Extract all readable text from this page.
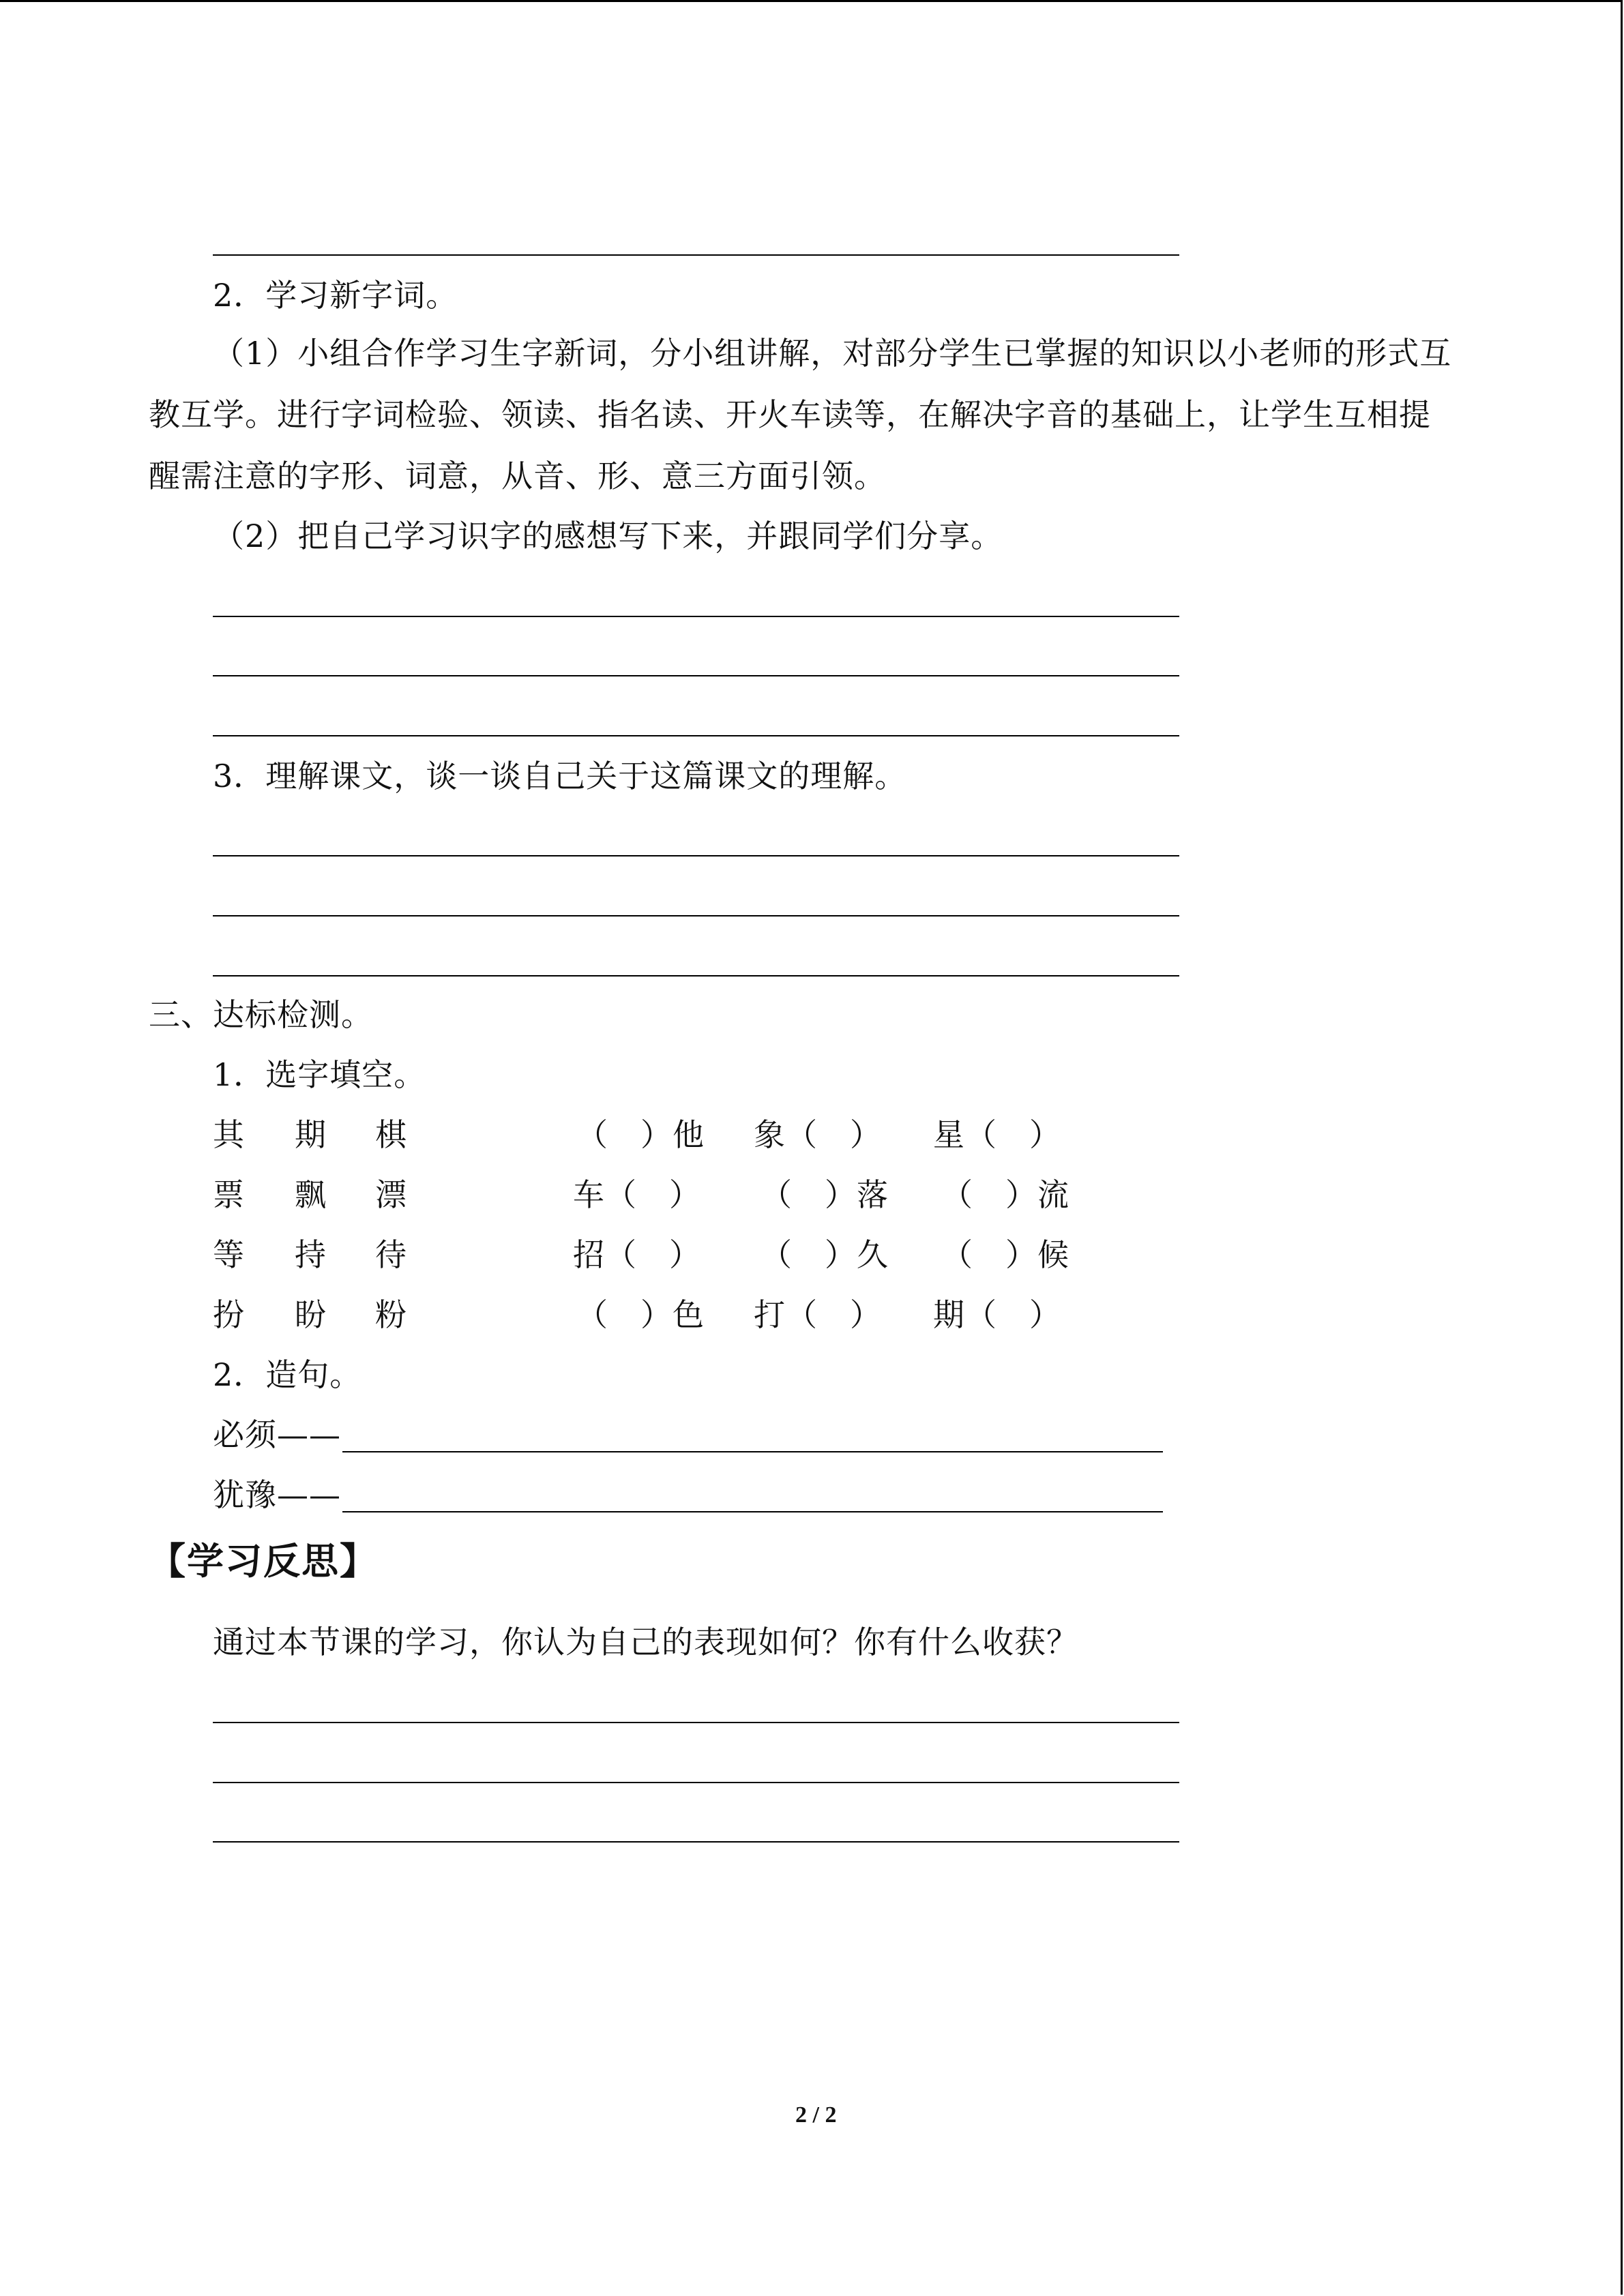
2．学习新字词。
（1）小组合作学习生字新词，分小组讲解，对部分学生已掌握的知识以小老师的形式互
教互学。进行字词检验、领读、指名读、开火车读等，在解决字音的基础上，让学生互相提
醒需注意的字形、词意，从音、形、意三方面引领。
（2）把自己学习识字的感想写下来，并跟同学们分享。
3．理解课文，谈一谈自己关于这篇课文的理解。
三、达标检测。
1．选字填空。
其 期 棋	（　）他 象（　） 星（　）
票 飘 漂	车（　） （　）落 （　）流
等 持 待	招（　） （　）久 （　）候
扮 盼 粉	（　）色 打（　） 期（　）
2．造句。
必须——
犹豫——
【学习反思】
通过本节课的学习，你认为自己的表现如何？你有什么收获？
2 / 2
